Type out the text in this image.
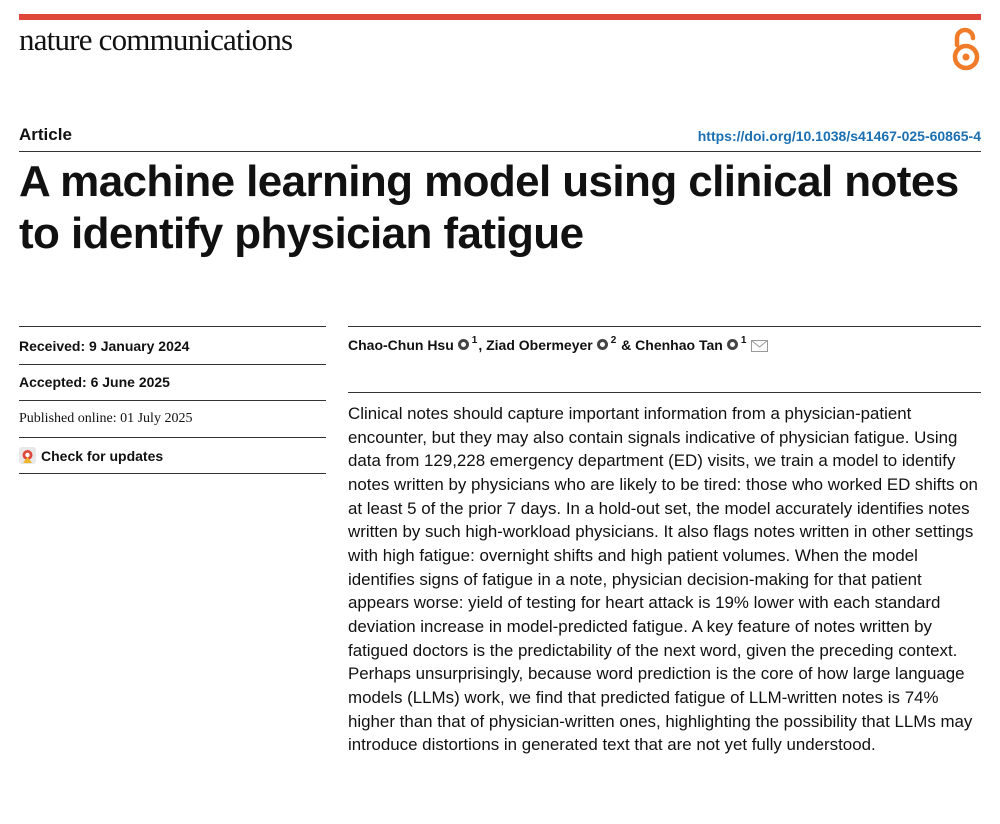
nature communications
Article	https://doi.org/10.1038/s41467-025-60865-4
A machine learning model using clinical notes to identify physician fatigue
Received: 9 January 2024
Accepted: 6 June 2025
Published online: 01 July 2025
Check for updates
Chao-Chun Hsu 1 , Ziad Obermeyer 2 & Chenhao Tan 1

Clinical notes should capture important information from a physician-patient encounter, but they may also contain signals indicative of physician fatigue. Using data from 129,228 emergency department (ED) visits, we train a model to identify notes written by physicians who are likely to be tired: those who worked ED shifts on at least 5 of the prior 7 days. In a hold-out set, the model accurately identifies notes written by such high-workload physicians. It also flags notes written in other settings with high fatigue: overnight shifts and high patient volumes. When the model identifies signs of fatigue in a note, physician decision-making for that patient appears worse: yield of testing for heart attack is 19% lower with each standard deviation increase in model-predicted fatigue. A key feature of notes written by fatigued doctors is the predictability of the next word, given the preceding context. Perhaps unsurprisingly, because word prediction is the core of how large language models (LLMs) work, we find that predicted fatigue of LLM-written notes is 74% higher than that of physician-written ones, highlighting the possibility that LLMs may introduce distortions in generated text that are not yet fully understood.
